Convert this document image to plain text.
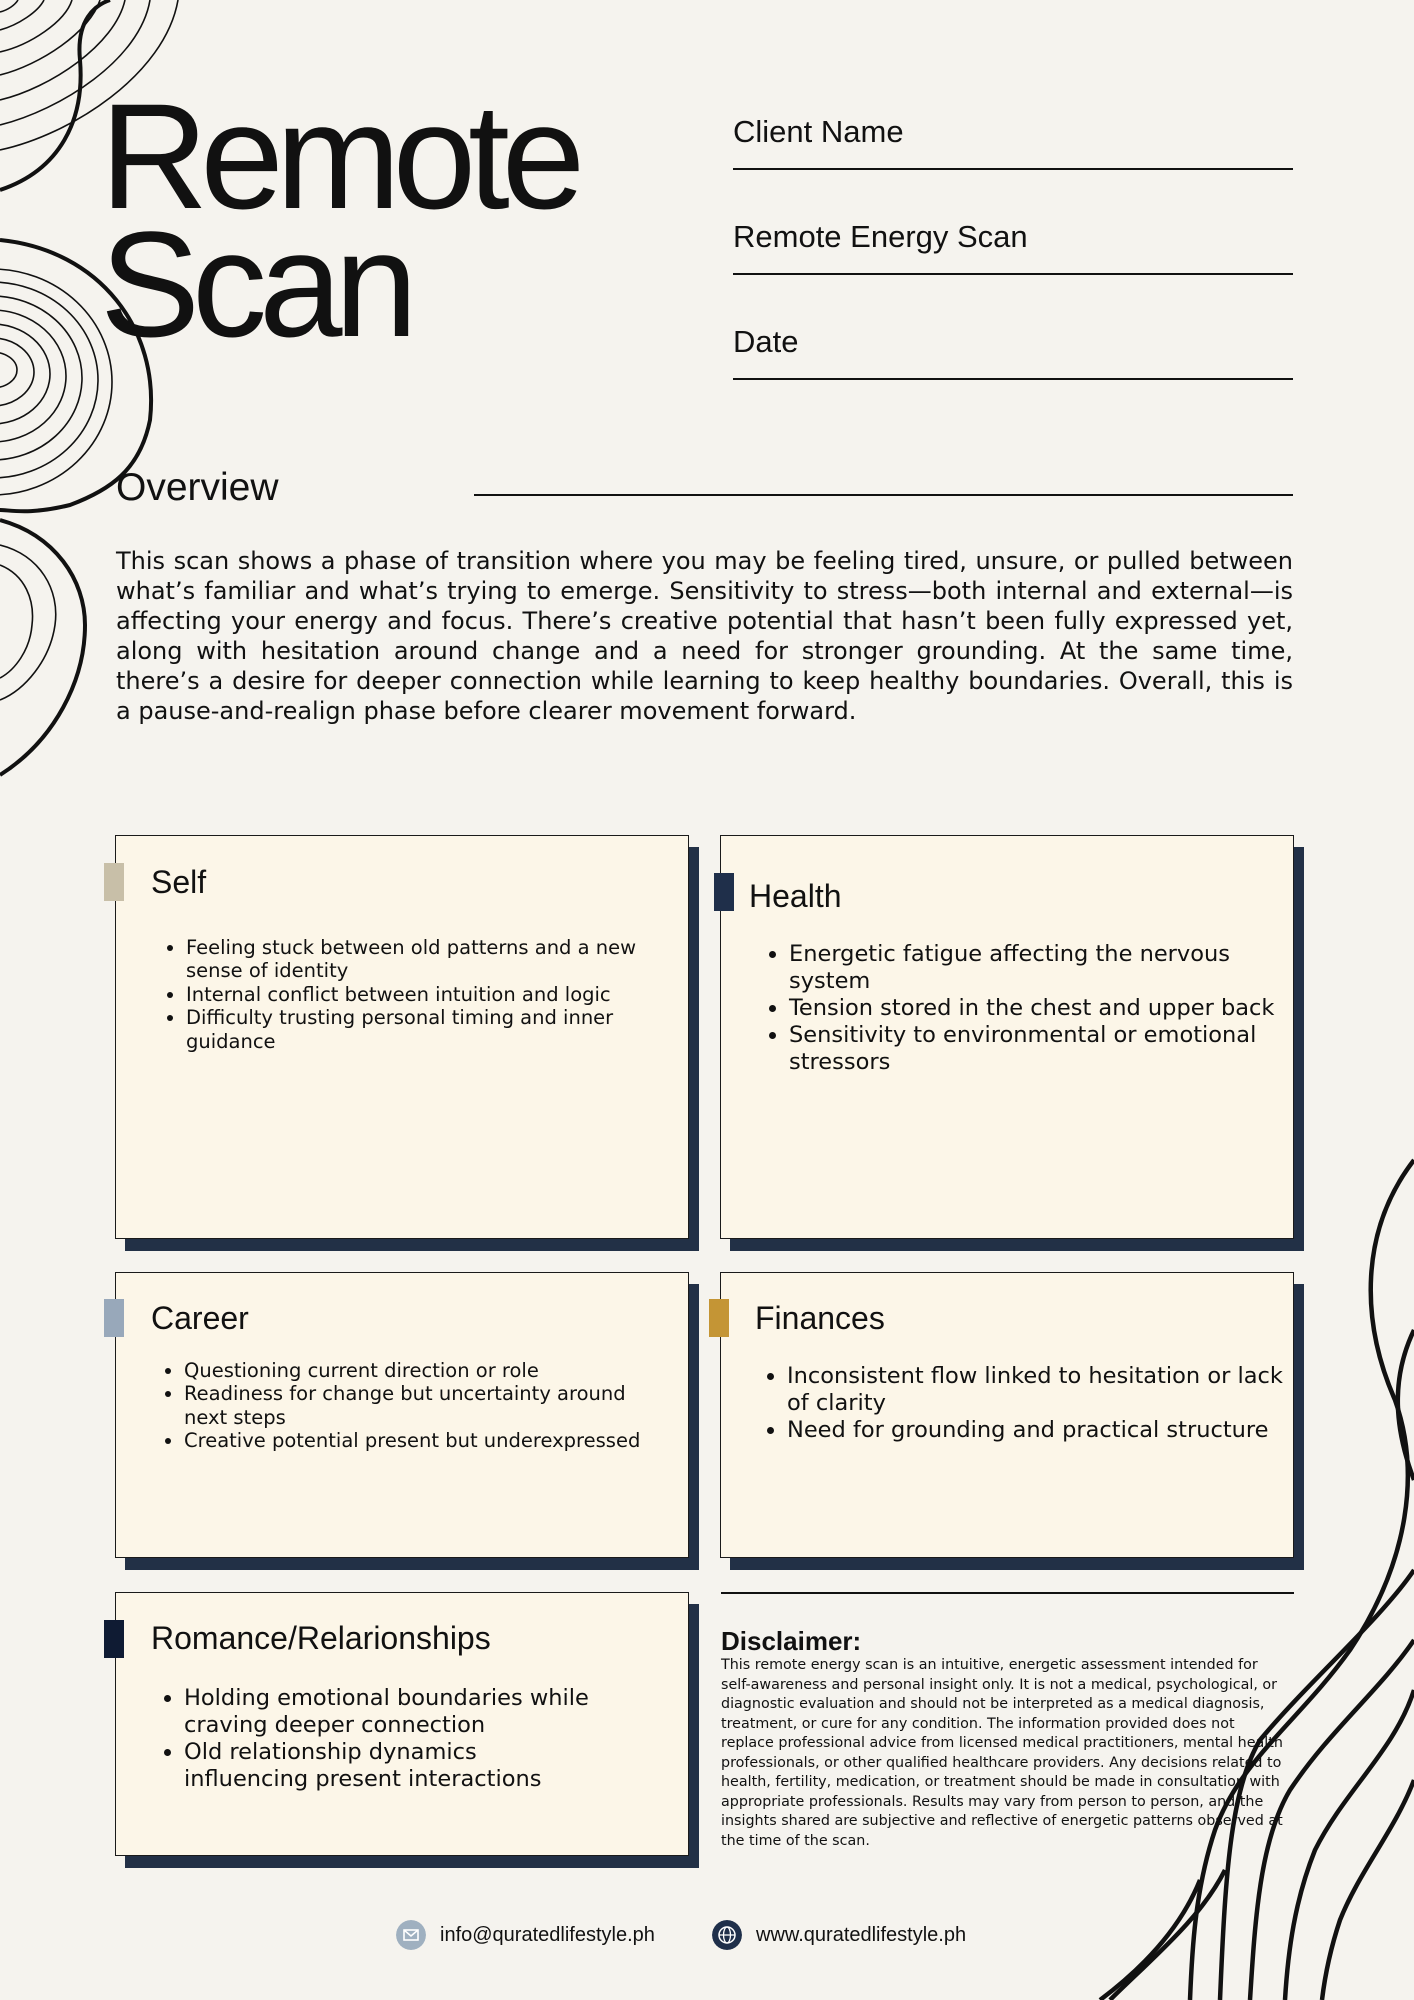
Remote
Scan
Client Name
Remote Energy Scan
Date
Overview

This scan shows a phase of transition where you may be feeling tired, unsure, or pulled between what’s familiar and what’s trying to emerge. Sensitivity to stress—both internal and external—is affecting your energy and focus. There’s creative potential that hasn’t been fully expressed yet, along with hesitation around change and a need for stronger grounding. At the same time, there’s a desire for deeper connection while learning to keep healthy boundaries. Overall, this is a pause-and-realign phase before clearer movement forward.

Self
• Feeling stuck between old patterns and a new sense of identity
• Internal conflict between intuition and logic
• Difficulty trusting personal timing and inner guidance
Health
• Energetic fatigue affecting the nervous system
• Tension stored in the chest and upper back
• Sensitivity to environmental or emotional stressors
Career
• Questioning current direction or role
• Readiness for change but uncertainty around next steps
• Creative potential present but underexpressed
Finances
• Inconsistent flow linked to hesitation or lack of clarity
• Need for grounding and practical structure
Romance/Relarionships
• Holding emotional boundaries while craving deeper connection
• Old relationship dynamics influencing present interactions
Disclaimer:

This remote energy scan is an intuitive, energetic assessment intended for self-awareness and personal insight only. It is not a medical, psychological, or diagnostic evaluation and should not be interpreted as a medical diagnosis, treatment, or cure for any condition. The information provided does not replace professional advice from licensed medical practitioners, mental health professionals, or other qualified healthcare providers. Any decisions related to health, fertility, medication, or treatment should be made in consultation with appropriate professionals. Results may vary from person to person, and the insights shared are subjective and reflective of energetic patterns observed at the time of the scan.

info@quratedlifestyle.ph	www.quratedlifestyle.ph
